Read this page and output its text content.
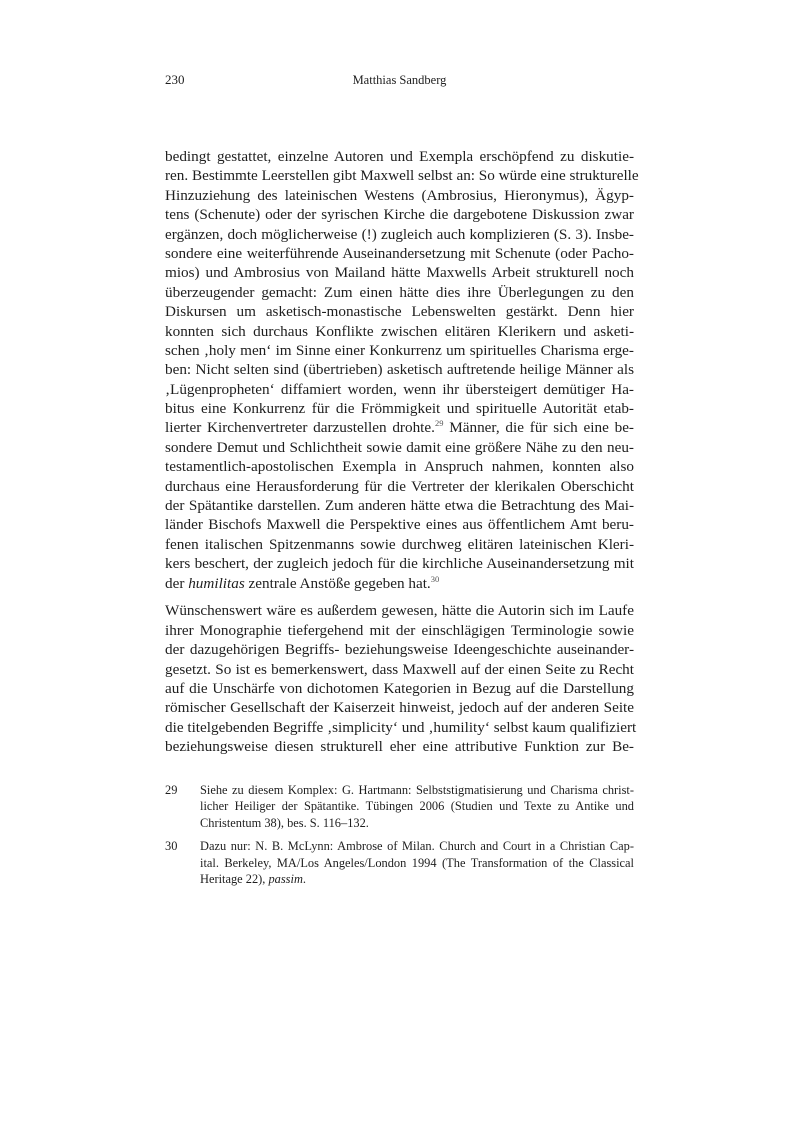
230	Matthias Sandberg
bedingt gestattet, einzelne Autoren und Exempla erschöpfend zu diskutie-
ren. Bestimmte Leerstellen gibt Maxwell selbst an: So würde eine strukturelle
Hinzuziehung des lateinischen Westens (Ambrosius, Hieronymus), Ägyp-
tens (Schenute) oder der syrischen Kirche die dargebotene Diskussion zwar
ergänzen, doch möglicherweise (!) zugleich auch komplizieren (S. 3). Insbe-
sondere eine weiterführende Auseinandersetzung mit Schenute (oder Pacho-
mios) und Ambrosius von Mailand hätte Maxwells Arbeit strukturell noch
überzeugender gemacht: Zum einen hätte dies ihre Überlegungen zu den
Diskursen um asketisch-monastische Lebenswelten gestärkt. Denn hier
konnten sich durchaus Konflikte zwischen elitären Klerikern und asketi-
schen ‚holy men‘ im Sinne einer Konkurrenz um spirituelles Charisma erge-
ben: Nicht selten sind (übertrieben) asketisch auftretende heilige Männer als
‚Lügenpropheten‘ diffamiert worden, wenn ihr übersteigert demütiger Ha-
bitus eine Konkurrenz für die Frömmigkeit und spirituelle Autorität etab-
lierter Kirchenvertreter darzustellen drohte.$^{29}$ Männer, die für sich eine be-
sondere Demut und Schlichtheit sowie damit eine größere Nähe zu den neu-
testamentlich-apostolischen Exempla in Anspruch nahmen, konnten also
durchaus eine Herausforderung für die Vertreter der klerikalen Oberschicht
der Spätantike darstellen. Zum anderen hätte etwa die Betrachtung des Mai-
länder Bischofs Maxwell die Perspektive eines aus öffentlichem Amt beru-
fenen italischen Spitzenmanns sowie durchweg elitären lateinischen Kleri-
kers beschert, der zugleich jedoch für die kirchliche Auseinandersetzung mit
der humilitas zentrale Anstöße gegeben hat.$^{30}$
Wünschenswert wäre es außerdem gewesen, hätte die Autorin sich im Laufe
ihrer Monographie tiefergehend mit der einschlägigen Terminologie sowie
der dazugehörigen Begriffs- beziehungsweise Ideengeschichte auseinander-
gesetzt. So ist es bemerkenswert, dass Maxwell auf der einen Seite zu Recht
auf die Unschärfe von dichotomen Kategorien in Bezug auf die Darstellung
römischer Gesellschaft der Kaiserzeit hinweist, jedoch auf der anderen Seite
die titelgebenden Begriffe ‚simplicity‘ und ‚humility‘ selbst kaum qualifiziert
beziehungsweise diesen strukturell eher eine attributive Funktion zur Be-
29	Siehe zu diesem Komplex: G. Hartmann: Selbststigmatisierung und Charisma christ-
licher Heiliger der Spätantike. Tübingen 2006 (Studien und Texte zu Antike und
Christentum 38), bes. S. 116–132.
30	Dazu nur: N. B. McLynn: Ambrose of Milan. Church and Court in a Christian Cap-
ital. Berkeley, MA/Los Angeles/London 1994 (The Transformation of the Classical
Heritage 22), passim.
